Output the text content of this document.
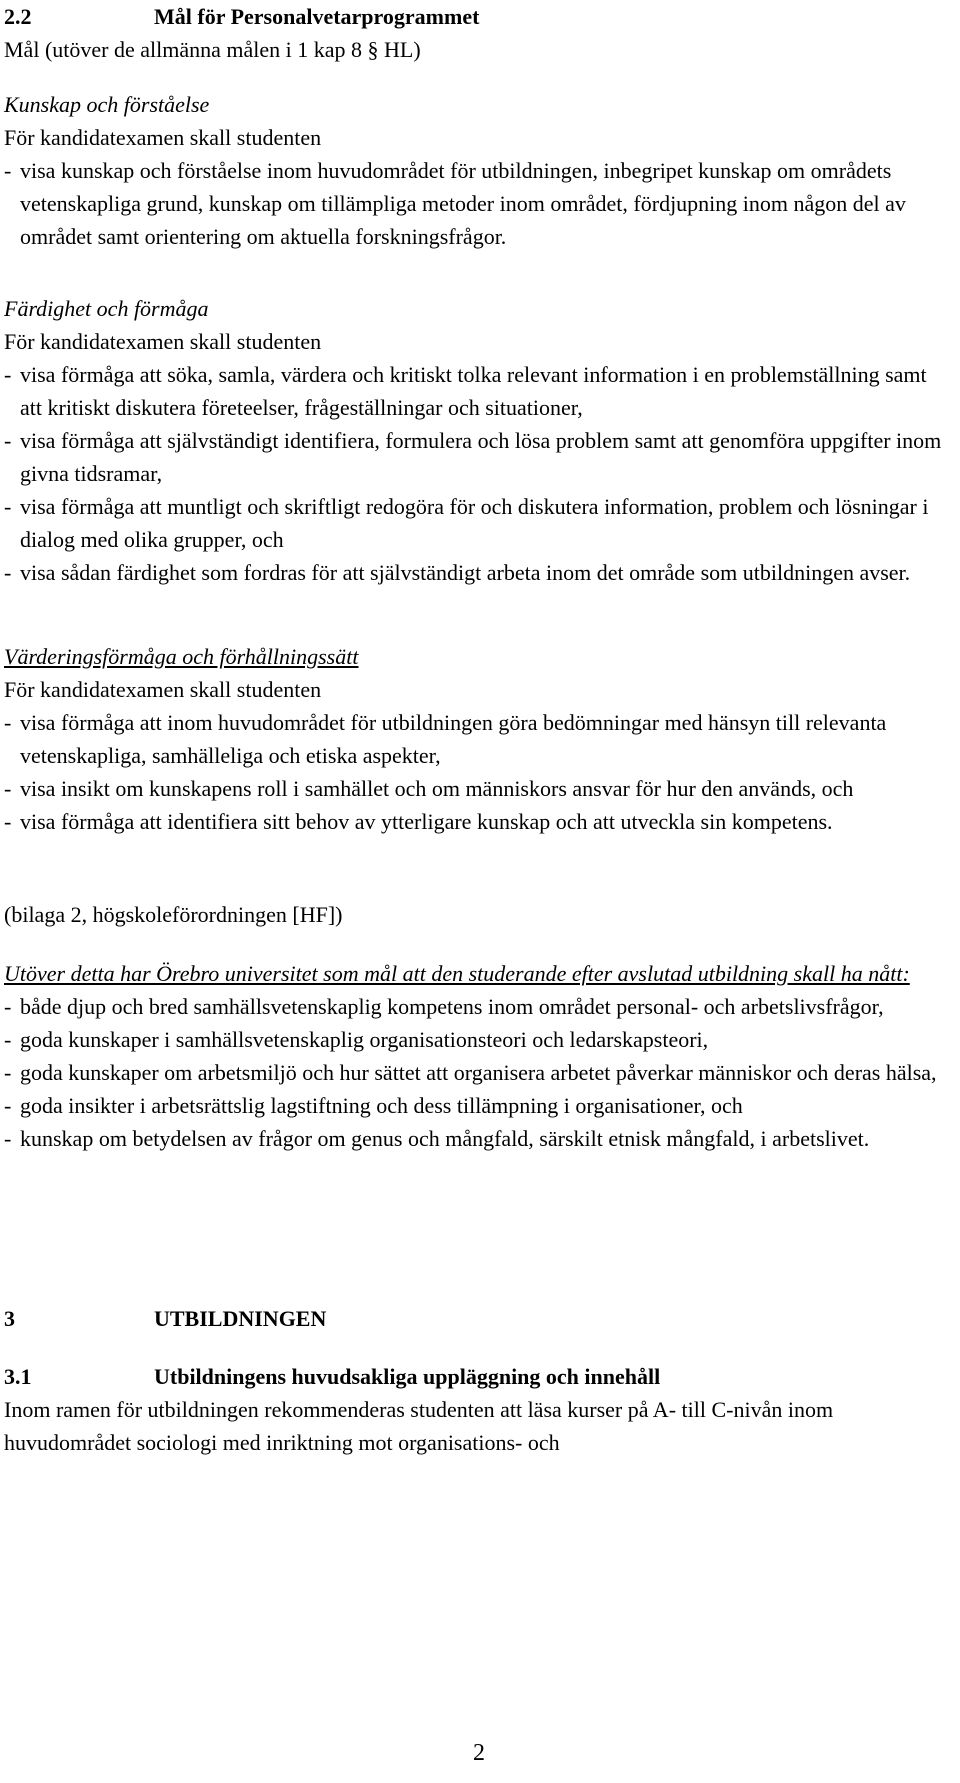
2.2	Mål för Personalvetarprogrammet
Mål (utöver de allmänna målen i 1 kap 8 § HL)
Kunskap och förståelse
För kandidatexamen skall studenten
- visa kunskap och förståelse inom huvudområdet för utbildningen, inbegripet kunskap om områdets vetenskapliga grund, kunskap om tillämpliga metoder inom området, fördjupning inom någon del av området samt orientering om aktuella forskningsfrågor.
Färdighet och förmåga
För kandidatexamen skall studenten
- visa förmåga att söka, samla, värdera och kritiskt tolka relevant information i en problemställning samt att kritiskt diskutera företeelser, frågeställningar och situationer,
- visa förmåga att självständigt identifiera, formulera och lösa problem samt att genomföra uppgifter inom givna tidsramar,
- visa förmåga att muntligt och skriftligt redogöra för och diskutera information, problem och lösningar i dialog med olika grupper, och
- visa sådan färdighet som fordras för att självständigt arbeta inom det område som utbildningen avser.
Värderingsförmåga och förhållningssätt
För kandidatexamen skall studenten
- visa förmåga att inom huvudområdet för utbildningen göra bedömningar med hänsyn till relevanta vetenskapliga, samhälleliga och etiska aspekter,
- visa insikt om kunskapens roll i samhället och om människors ansvar för hur den används, och
- visa förmåga att identifiera sitt behov av ytterligare kunskap och att utveckla sin kompetens.
(bilaga 2, högskoleförordningen [HF])
Utöver detta har Örebro universitet som mål att den studerande efter avslutad utbildning skall ha nått:
- både djup och bred samhällsvetenskaplig kompetens inom området personal- och arbetslivsfrågor,
- goda kunskaper i samhällsvetenskaplig organisationsteori och ledarskapsteori,
- goda kunskaper om arbetsmiljö och hur sättet att organisera arbetet påverkar människor och deras hälsa,
- goda insikter i arbetsrättslig lagstiftning och dess tillämpning i organisationer, och
- kunskap om betydelsen av frågor om genus och mångfald, särskilt etnisk mångfald, i arbetslivet.
3	UTBILDNINGEN
3.1	Utbildningens huvudsakliga uppläggning och innehåll
Inom ramen för utbildningen rekommenderas studenten att läsa kurser på A- till C-nivån inom huvudområdet sociologi med inriktning mot organisations- och
2
